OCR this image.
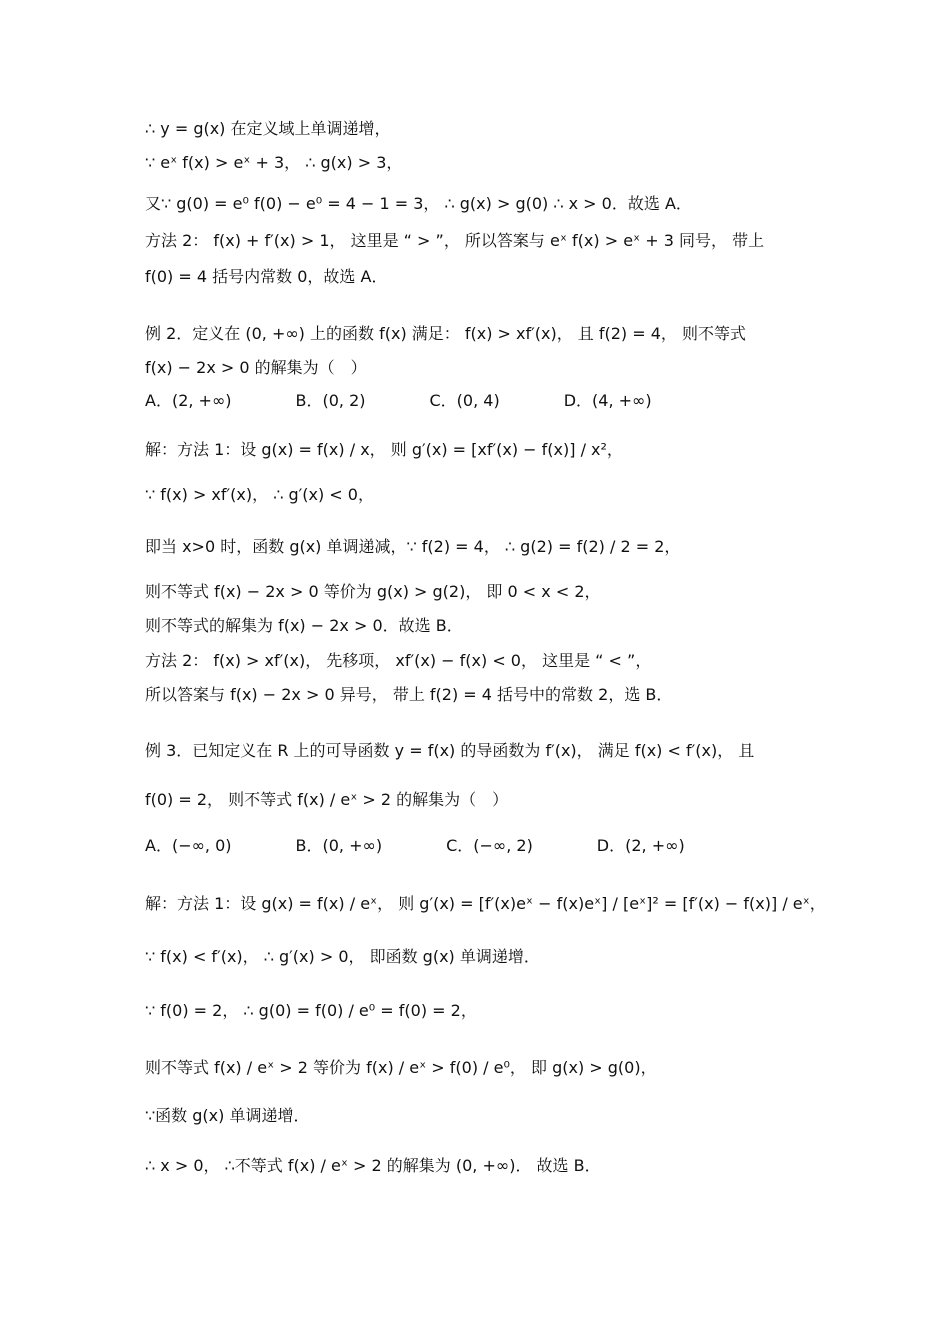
∴ y = g(x) 在定义域上单调递增，
∵ eˣ f(x) > eˣ + 3， ∴ g(x) > 3，
又∵ g(0) = e⁰ f(0) − e⁰ = 4 − 1 = 3， ∴ g(x) > g(0) ∴ x > 0．故选 A．
方法 2： f(x) + f′(x) > 1， 这里是 “ > ”， 所以答案与 eˣ f(x) > eˣ + 3 同号， 带上
f(0) = 4 括号内常数 0，故选 A．
例 2．定义在 (0, +∞) 上的函数 f(x) 满足： f(x) > xf′(x)， 且 f(2) = 4， 则不等式
f(x) − 2x > 0 的解集为（　）
A．(2, +∞)　　　　B．(0, 2)　　　　C．(0, 4)　　　　D．(4, +∞)
解：方法 1：设 g(x) = f(x) / x， 则 g′(x) = [xf′(x) − f(x)] / x²，
∵ f(x) > xf′(x)， ∴ g′(x) < 0，
即当 x>0 时，函数 g(x) 单调递减，∵ f(2) = 4， ∴ g(2) = f(2) / 2 = 2，
则不等式 f(x) − 2x > 0 等价为 g(x) > g(2)， 即 0 < x < 2，
则不等式的解集为 f(x) − 2x > 0．故选 B．
方法 2： f(x) > xf′(x)， 先移项， xf′(x) − f(x) < 0， 这里是 “ < ”，
所以答案与 f(x) − 2x > 0 异号， 带上 f(2) = 4 括号中的常数 2，选 B．
例 3．已知定义在 R 上的可导函数 y = f(x) 的导函数为 f′(x)， 满足 f(x) < f′(x)， 且
f(0) = 2， 则不等式 f(x) / eˣ > 2 的解集为（　）
A．(−∞, 0)　　　　B．(0, +∞)　　　　C．(−∞, 2)　　　　D．(2, +∞)
解：方法 1：设 g(x) = f(x) / eˣ， 则 g′(x) = [f′(x)eˣ − f(x)eˣ] / [eˣ]² = [f′(x) − f(x)] / eˣ，
∵ f(x) < f′(x)， ∴ g′(x) > 0， 即函数 g(x) 单调递增．
∵ f(0) = 2， ∴ g(0) = f(0) / e⁰ = f(0) = 2，
则不等式 f(x) / eˣ > 2 等价为 f(x) / eˣ > f(0) / e⁰， 即 g(x) > g(0)，
∵函数 g(x) 单调递增．
∴ x > 0， ∴不等式 f(x) / eˣ > 2 的解集为 (0, +∞)． 故选 B．
